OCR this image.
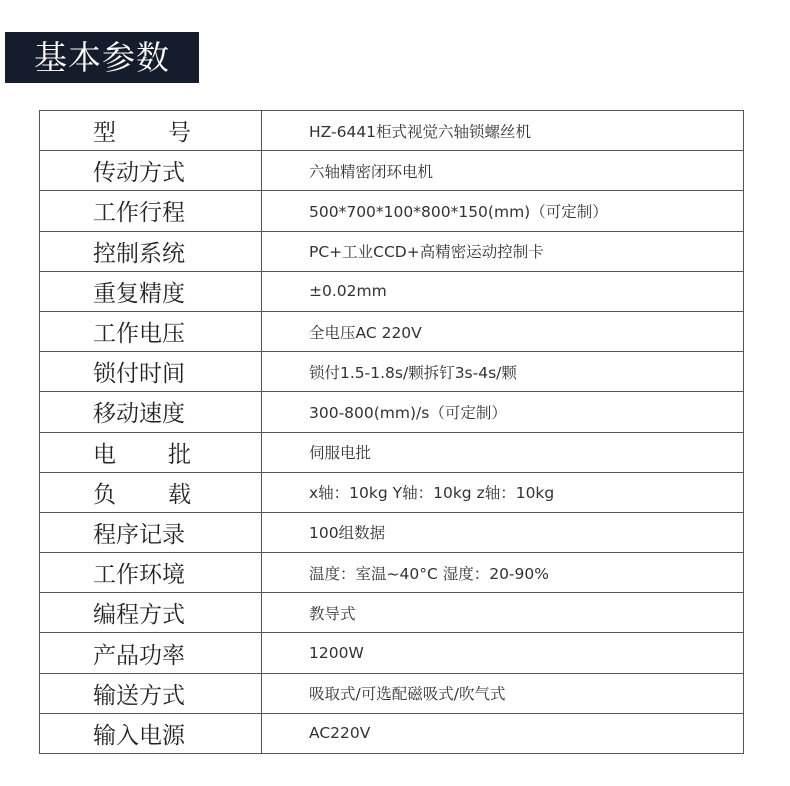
基本参数
型　　号	HZ-6441柜式视觉六轴锁螺丝机
传动方式	六轴精密闭环电机
工作行程	500*700*100*800*150(mm)（可定制）
控制系统	PC+工业CCD+高精密运动控制卡
重复精度	±0.02mm
工作电压	全电压AC 220V
锁付时间	锁付1.5-1.8s/颗拆钉3s-4s/颗
移动速度	300-800(mm)/s（可定制）
电　　批	伺服电批
负　　载	x轴：10kg Y轴：10kg z轴：10kg
程序记录	100组数据
工作环境	温度：室温~40°C 湿度：20-90%
编程方式	教导式
产品功率	1200W
输送方式	吸取式/可选配磁吸式/吹气式
输入电源	AC220V
